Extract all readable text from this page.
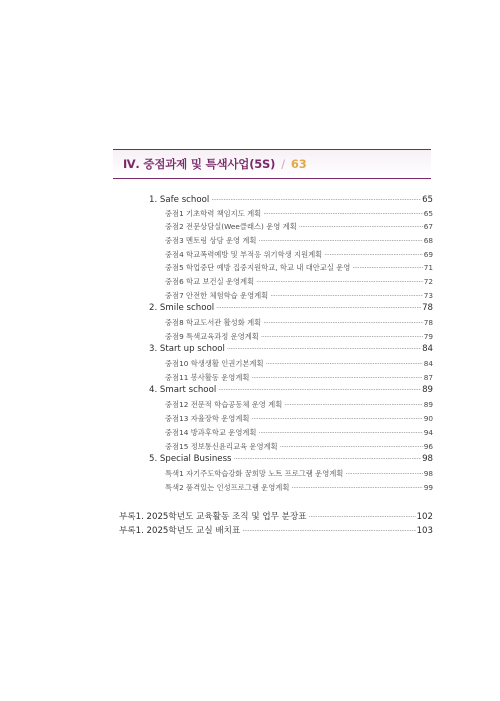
Ⅳ. 중점과제 및 특색사업(5S) / 63
1. Safe school ·····	65
중점1 기초학력 책임지도 계획 ·····	65
중점2 전문상담실(Wee클래스) 운영 계획 ·····	67
중점3 멘토링 상담 운영 계획 ·····	68
중점4 학교폭력예방 및 부적응 위기학생 지원계획 ·····	69
중점5 학업중단 예방 집중지원학교, 학교 내 대안교실 운영 ·····	71
중점6 학교 보건실 운영계획 ·····	72
중점7 안전한 체험학습 운영계획 ·····	73
2. Smile school ·····	78
중점8 학교도서관 활성화 계획 ·····	78
중점9 특색교육과정 운영계획 ·····	79
3. Start up school ·····	84
중점10 학생생활 인권기본계획 ·····	84
중점11 봉사활동 운영계획 ·····	87
4. Smart school ·····	89
중점12 전문적 학습공동체 운영 계획 ·····	89
중점13 자율장학 운영계획 ·····	90
중점14 방과후학교 운영계획 ·····	94
중점15 정보통신윤리교육 운영계획 ·····	96
5. Special Business ·····	98
특색1 자기주도학습강화 꿈희망 노트 프로그램 운영계획 ·····	98
특색2 품격있는 인성프로그램 운영계획 ·····	99
부록1. 2025학년도 교육활동 조직 및 업무 분장표 ·····	102
부록1. 2025학년도 교실 배치표 ·····	103
